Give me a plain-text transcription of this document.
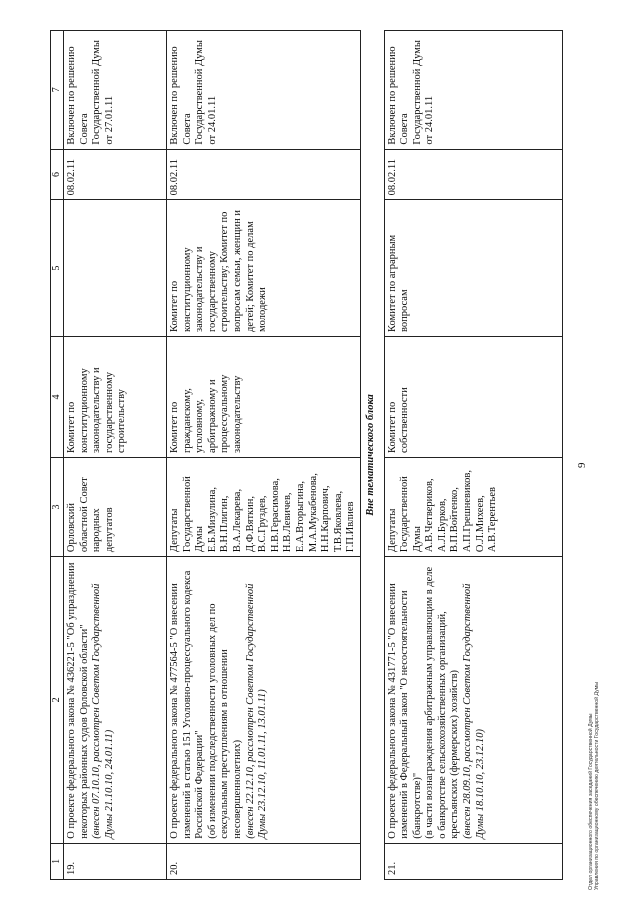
1	2	3	4	5	6	7
19.	О проекте федерального закона № 436221-5 "Об упразднении некоторых районных судов Орловской области" (внесен 07.10.10, рассмотрен Советом Государственной Думы 21.10.10, 24.01.11)	Орловский областной Совет народных депутатов	Комитет по конституционному законодательству и государственному строительству		08.02.11	Включен по решению Совета Государственной Думы от 27.01.11
20.	О проекте федерального закона № 477564-5 "О внесении изменений в статью 151 Уголовно-процессуального кодекса Российской Федерации" (об изменении подследственности уголовных дел по сексуальным преступлениям в отношении несовершеннолетних) (внесен 22.12.10, рассмотрен Советом Государственной Думы 23.12.10, 11.01.11, 13.01.11)	Депутаты Государственной Думы Е.Б.Мизулина, В.Н.Плигин, В.А.Лекарева, Д.Ф.Вяткин, В.С.Груздев, Н.В.Герасимова, Н.В.Левичев, Е.А.Вторыгина, М.А.Мукабенова, Н.Н.Карпович, Т.В.Яковлева, Г.П.Ивлиев	Комитет по гражданскому, уголовному, арбитражному и процессуальному законодательству	Комитет по конституционному законодательству и государственному строительству; Комитет по вопросам семьи, женщин и детей; Комитет по делам молодежи	08.02.11	Включен по решению Совета Государственной Думы от 24.01.11

Вне тематического блока						

21.	О проекте федерального закона № 431771-5 "О внесении изменений в Федеральный закон "О несостоятельности (банкротстве)" (в части вознаграждения арбитражным управляющим в деле о банкротстве сельскохозяйственных организаций, крестьянских (фермерских) хозяйств) (внесен 28.09.10, рассмотрен Советом Государственной Думы 18.10.10, 23.12.10)	Депутаты Государственной Думы А.В.Четвериков, А.Л.Бурков, В.П.Войтенко, А.П.Грешневиков, О.Л.Михеев, А.В.Терентьев	Комитет по собственности	Комитет по аграрным вопросам	08.02.11	Включен по решению Совета Государственной Думы от 24.01.11
9
Отдел организационного обеспечения заседаний Государственной Думы Управления по организационному обеспечению деятельности Государственной Думы
